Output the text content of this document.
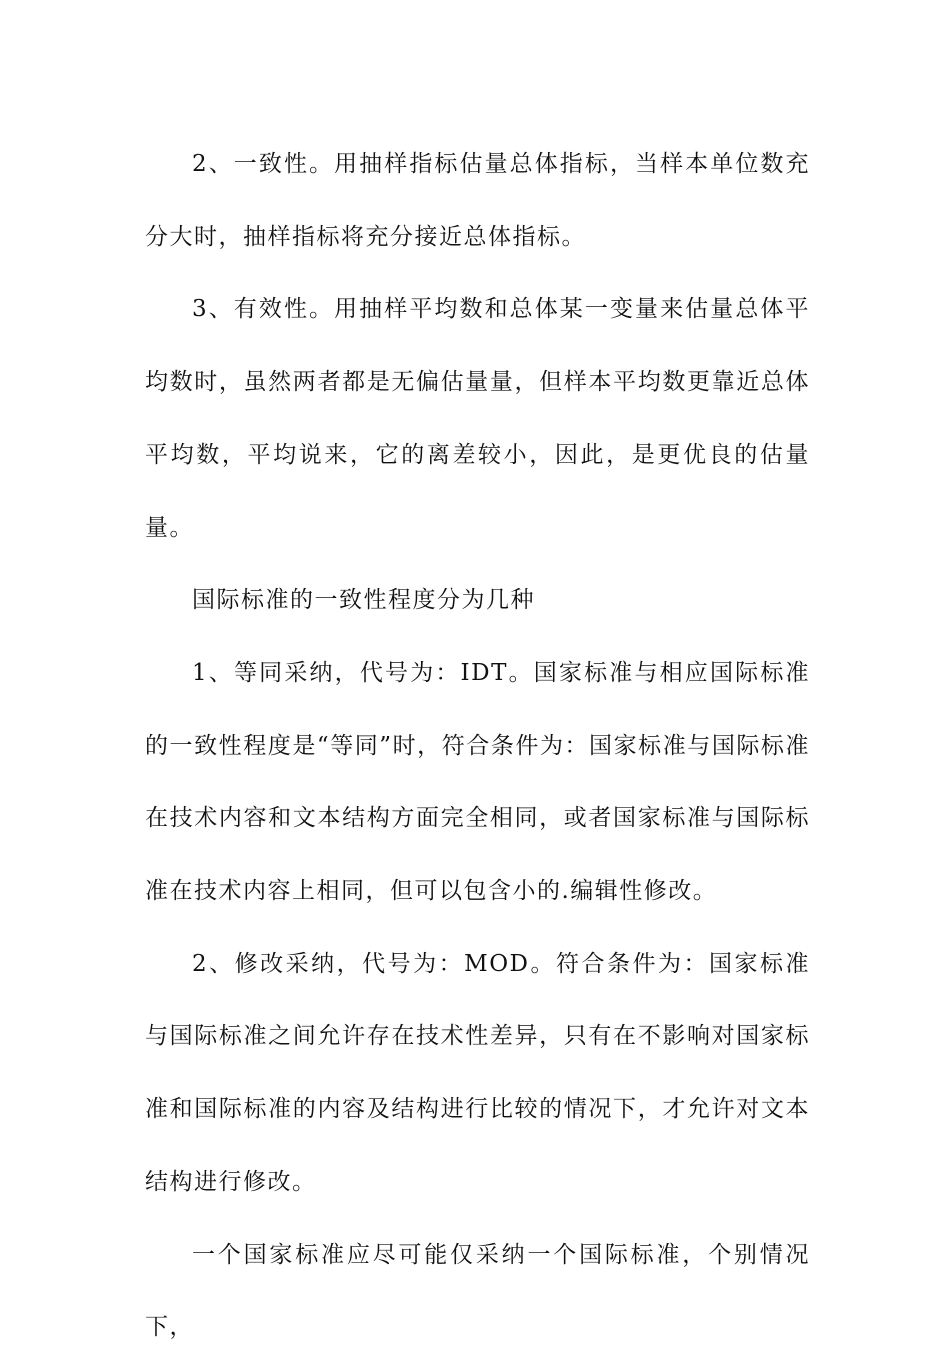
2、一致性。用抽样指标估量总体指标，当样本单位数充分大时，抽样指标将充分接近总体指标。

3、有效性。用抽样平均数和总体某一变量来估量总体平均数时，虽然两者都是无偏估量量，但样本平均数更靠近总体平均数，平均说来，它的离差较小，因此，是更优良的估量量。

国际标准的一致性程度分为几种

1、等同采纳，代号为：IDT。国家标准与相应国际标准的一致性程度是“等同”时，符合条件为：国家标准与国际标准在技术内容和文本结构方面完全相同，或者国家标准与国际标准在技术内容上相同，但可以包含小的.编辑性修改。

2、修改采纳，代号为：MOD。符合条件为：国家标准与国际标准之间允许存在技术性差异，只有在不影响对国家标准和国际标准的内容及结构进行比较的情况下，才允许对文本结构进行修改。

一个国家标准应尽可能仅采纳一个国际标准，个别情况下，
